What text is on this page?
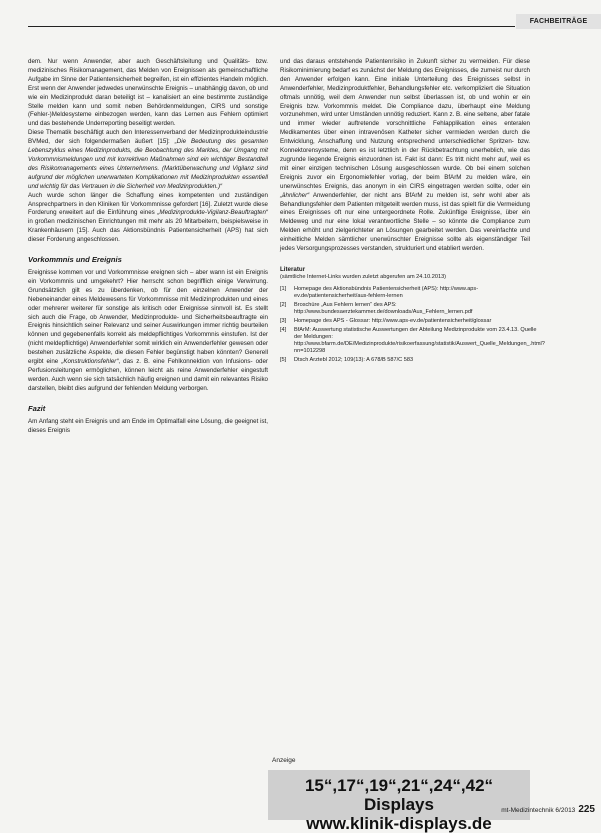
FACHBEITRÄGE

dem. Nur wenn Anwender, aber auch Geschäftsleitung und Qualitäts- bzw. medizinisches Risikomanagement, das Melden von Ereignissen als gemeinschaftliche Aufgabe im Sinne der Patientensicherheit begreifen, ist ein effizientes Handeln möglich. Erst wenn der Anwender jedwedes unerwünschte Ereignis – unabhängig davon, ob und wie ein Medizinprodukt daran beteiligt ist – kanalisiert an eine bestimmte zuständige Stelle melden kann und somit neben Behördenmeldungen, CIRS und sonstige (Fehler-)Meldesysteme einbezogen werden, kann das Lernen aus Fehlern optimiert und das bestehende Underreporting beseitigt werden.

Diese Thematik beschäftigt auch den Interessenverband der Medizinprodukteindustrie BVMed, der sich folgendermaßen äußert [15]: „Die Bedeutung des gesamten Lebenszyklus eines Medizinprodukts, die Beobachtung des Marktes, der Umgang mit Vorkommnismeldungen und mit korrektiven Maßnahmen sind ein wichtiger Bestandteil des Risikomanagements eines Unternehmens. (Marktüberwachung und Vigilanz sind aufgrund der möglichen unerwarteten Komplikationen mit Medizinprodukten essentiell und wichtig für das Vertrauen in die Sicherheit von Medizinprodukten.)“

Auch wurde schon länger die Schaffung eines kompetenten und zuständigen Ansprechpartners in den Kliniken für Vorkommnisse gefordert [16]. Zuletzt wurde diese Forderung erweitert auf die Einführung eines „Medizinprodukte-Vigilanz-Beauftragten“ in großen medizinischen Einrichtungen mit mehr als 20 Mitarbeitern, beispielsweise in Krankenhäusern [15]. Auch das Aktionsbündnis Patientensicherheit (APS) hat sich dieser Forderung angeschlossen.

Vorkommnis und Ereignis

Ereignisse kommen vor und Vorkommnisse ereignen sich – aber wann ist ein Ereignis ein Vorkommnis und umgekehrt? Hier herrscht schon begrifflich einige Verwirrung. Grundsätzlich gilt es zu überdenken, ob für den einzelnen Anwender der Nebeneinander eines Meldewesens für Vorkommnisse mit Medizinprodukten und eines oder mehrerer weiterer für sonstige als kritisch oder Ereignisse sinnvoll ist. Es stellt sich auch die Frage, ob Anwender, Medizinprodukte- und Sicherheitsbeauftragte ein Ereignis hinsichtlich seiner Relevanz und seiner Auswirkungen immer richtig beurteilen können und gegebenenfalls korrekt als meldepflichtiges Vorkommnis einstufen. Ist der (nicht meldepflichtige) Anwenderfehler somit wirklich ein Anwenderfehler gewesen oder bestehen zusätzliche Aspekte, die diesen Fehler begünstigt haben könnten? Generell ergibt eine „Konstruktionsfehler“, das z. B. eine Fehlkonnektion von Infusions- oder Perfusionsleitungen ermöglichen, können leicht als reine Anwenderfehler eingestuft werden. Auch wenn sie sich tatsächlich häufig ereignen und damit ein relevantes Risiko darstellen, bleibt dies aufgrund der fehlenden Meldung verborgen.

Fazit

Am Anfang steht ein Ereignis und am Ende im Optimalfall eine Lösung, die geeignet ist, dieses Ereignis

und das daraus entstehende Patientenrisiko in Zukunft sicher zu vermeiden. Für diese Risikominimierung bedarf es zunächst der Meldung des Ereignisses, die zumeist nur durch den Anwender erfolgen kann. Eine initiale Unterteilung des Ereignisses selbst in Anwenderfehler, Medizinproduktfehler, Behandlungsfehler etc. verkompliziert die Situation oftmals unnötig, weil dem Anwender nun selbst überlassen ist, ob und wohin er ein Ereignis bzw. Vorkommnis meldet. Die Compliance dazu, überhaupt eine Meldung vorzunehmen, wird unter Umständen unnötig reduziert. Kann z. B. eine seltene, aber fatale und immer wieder auftretende vorschnittliche Fehlapplikation eines enteralen Medikamentes über einen intravenösen Katheter sicher vermieden werden durch die Entwicklung, Anschaffung und Nutzung entsprechend unterschiedlicher Spritzen- bzw. Konnektorensysteme, denn es ist letztlich in der Rückbetrachtung unerheblich, wie das zugrunde liegende Ereignis einzuordnen ist. Fakt ist dann: Es tritt nicht mehr auf, weil es mit einer einzigen technischen Lösung ausgeschlossen wurde. Ob bei einem solchen Ereignis zuvor ein Ergonomiefehler vorlag, der beim BfArM zu melden wäre, ein unerwünschtes Ereignis, das anonym in ein CIRS eingetragen werden sollte, oder ein „ähnlicher“ Anwenderfehler, der nicht ans BfArM zu melden ist, sehr wohl aber als Behandlungsfehler dem Patienten mitgeteilt werden muss, ist das spielt für die Vermeidung eines Ereignisses oft nur eine untergeordnete Rolle. Zukünftige Ereignisse, über ein Meldeweg und nur eine lokal verantwortliche Stelle – so könnte die Compliance zum Melden erhöht und zielgerichteter an Lösungen gearbeitet werden. Das vereinfachte und einheitliche Melden sämtlicher unerwünschter Ereignisse sollte als eigenständiger Teil jedes Versorgungsprozesses verstanden, strukturiert und etabliert werden.

Literatur
(sämtliche Internet-Links wurden zuletzt abgerufen am 24.10.2013)
[1]	Homepage des Aktionsbündnis Patientensicherheit (APS): http://www.aps-ev.de/patientensicherheit/aus-fehlern-lernen
[2]	Broschüre „Aus Fehlern lernen“ des APS: http://www.bundesaerztekammer.de/downloads/Aus_Fehlern_lernen.pdf
[3]	Homepage des APS - Glossar: http://www.aps-ev.de/patientensicherheit/glossar
[4]	BfArM: Auswertung statistische Auswertungen der Abteilung Medizinprodukte vom 23.4.13. Quelle der Meldungen: http://www.bfarm.de/DE/Medizinprodukte/risikoerfassung/statistik/Auswert_Quelle_Meldungen_.html?nn=1012298
[5]	Dtsch Arztebl 2012; 109(13): A 678/B 587/C 583
Anzeige
15“,17“,19“,21“,24“,42“
Displays
www.klinik-displays.de
mt-Medizintechnik 6/2013 225
